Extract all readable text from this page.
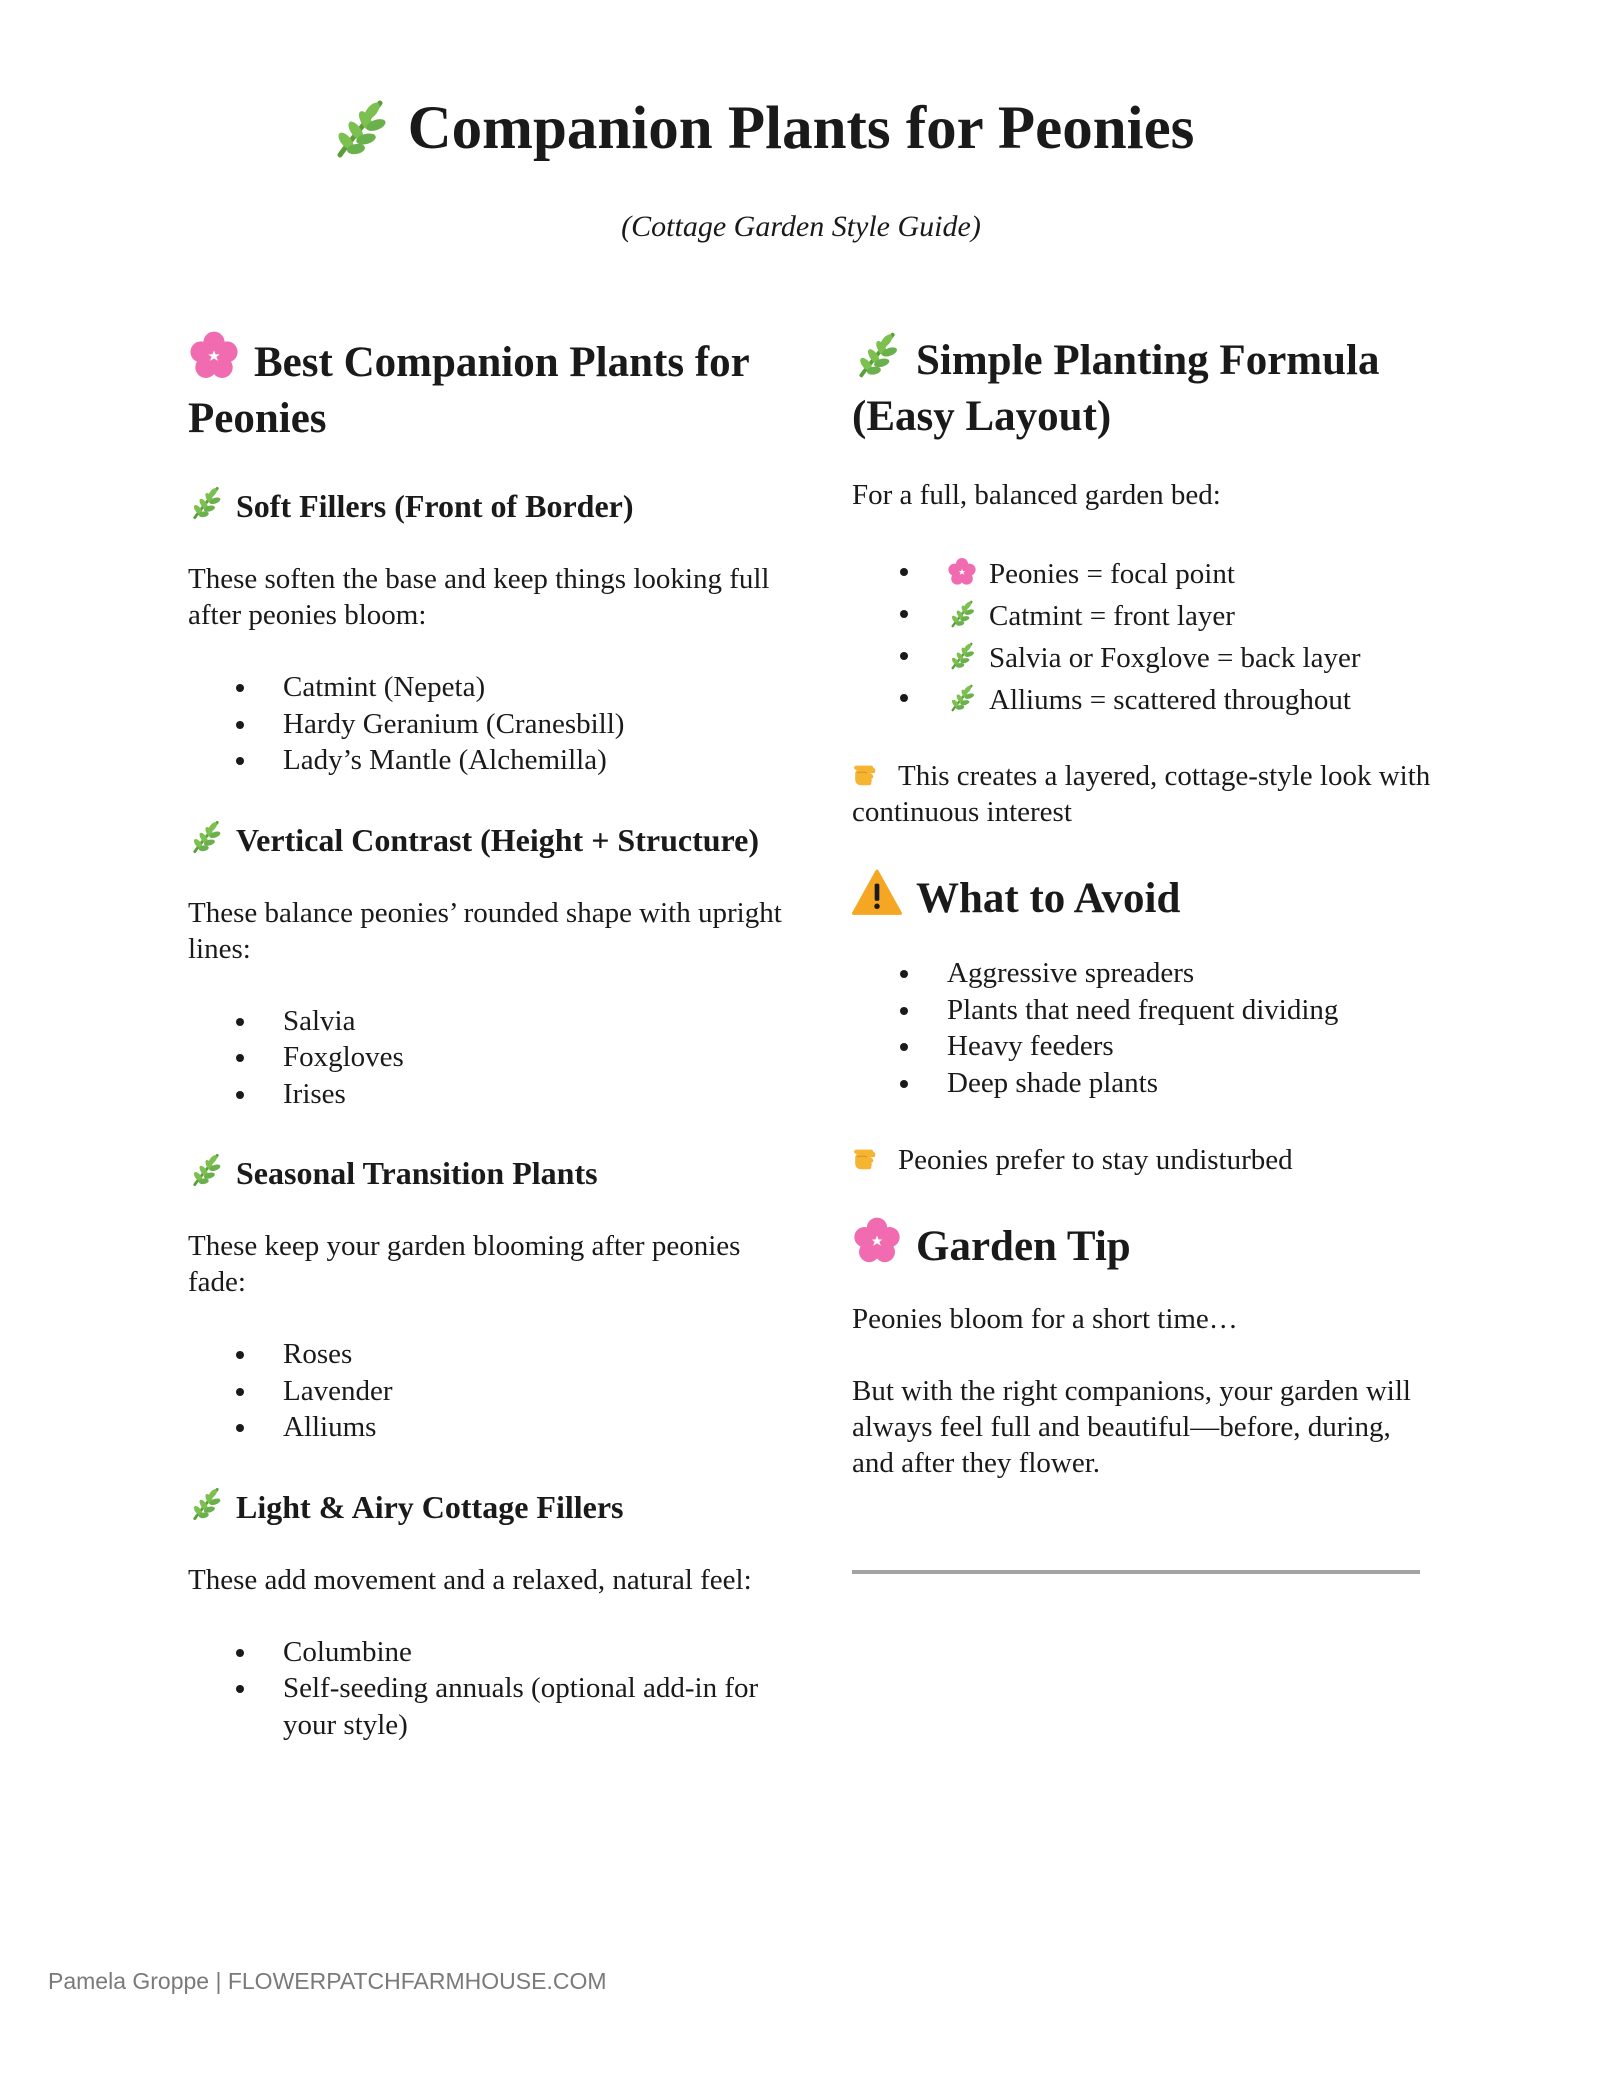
Companion Plants for Peonies
(Cottage Garden Style Guide)
Best Companion Plants for Peonies
Soft Fillers (Front of Border)

These soften the base and keep things looking full after peonies bloom:

Catmint (Nepeta)
Hardy Geranium (Cranesbill)
Lady’s Mantle (Alchemilla)
Vertical Contrast (Height + Structure)

These balance peonies’ rounded shape with upright lines:

Salvia
Foxgloves
Irises
Seasonal Transition Plants

These keep your garden blooming after peonies fade:

Roses
Lavender
Alliums
Light & Airy Cottage Fillers

These add movement and a relaxed, natural feel:

Columbine
Self-seeding annuals (optional add-in for your style)
Simple Planting Formula (Easy Layout)

For a full, balanced garden bed:

Peonies = focal point
Catmint = front layer
Salvia or Foxglove = back layer
Alliums = scattered throughout

This creates a layered, cottage-style look with continuous interest

What to Avoid
Aggressive spreaders
Plants that need frequent dividing
Heavy feeders
Deep shade plants

Peonies prefer to stay undisturbed

Garden Tip

Peonies bloom for a short time…

But with the right companions, your garden will always feel full and beautiful—before, during, and after they flower.

Pamela Groppe | FLOWERPATCHFARMHOUSE.COM
